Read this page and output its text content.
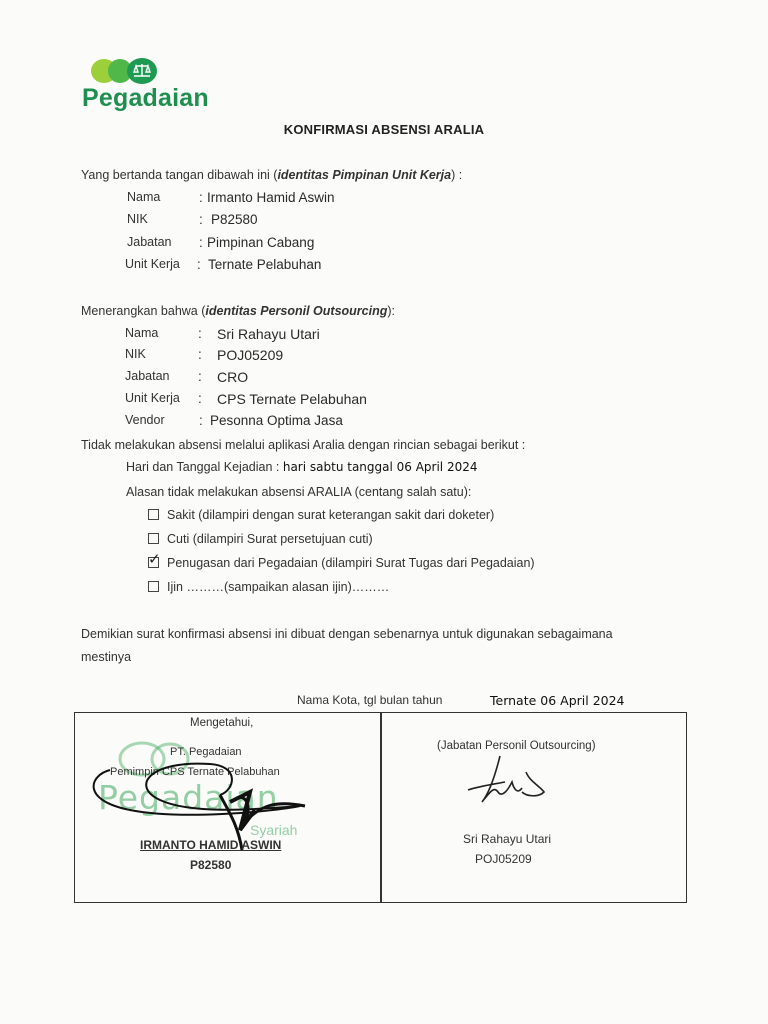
Pegadaian
KONFIRMASI ABSENSI ARALIA
Yang bertanda tangan dibawah ini (identitas Pimpinan Unit Kerja) :
Nama	: Irmanto Hamid Aswin
NIK	: P82580
Jabatan : Pimpinan Cabang
Unit Kerja : Ternate Pelabuhan
Menerangkan bahwa (identitas Personil Outsourcing):
Nama	: Sri Rahayu Utari
NIK	: POJ05209
Jabatan : CRO
Unit Kerja : CPS Ternate Pelabuhan
Vendor	: Pesonna Optima Jasa
Tidak melakukan absensi melalui aplikasi Aralia dengan rincian sebagai berikut :
Hari dan Tanggal Kejadian : hari sabtu tanggal 06 April 2024
Alasan tidak melakukan absensi ARALIA (centang salah satu):
Sakit (dilampiri dengan surat keterangan sakit dari doketer)
Cuti (dilampiri Surat persetujuan cuti)
✓ Penugasan dari Pegadaian (dilampiri Surat Tugas dari Pegadaian)
Ijin ………(sampaikan alasan ijin)………
Demikian surat konfirmasi absensi ini dibuat dengan sebenarnya untuk digunakan sebagaimana
mestinya
Nama Kota, tgl bulan tahun	Ternate 06 April 2024
Mengetahui,
Pegadaian
Syariah
PT. Pegadaian
Pemimpin CPS Ternate Pelabuhan
IRMANTO HAMID ASWIN
P82580
(Jabatan Personil Outsourcing)
Sri Rahayu Utari
POJ05209
